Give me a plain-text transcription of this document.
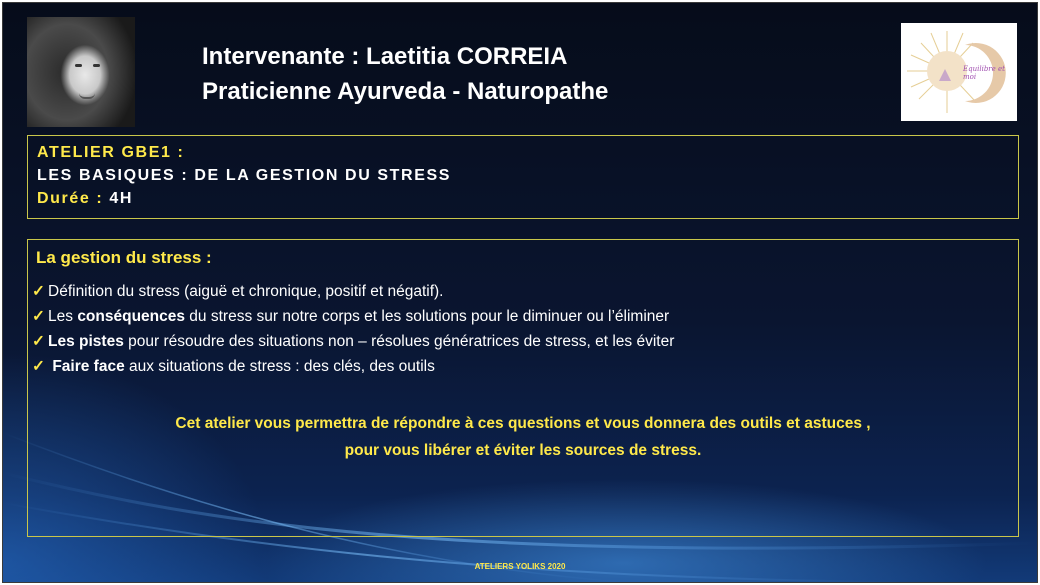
Intervenante : Laetitia CORREIA
Praticienne Ayurveda - Naturopathe
Equilibre et moi
ATELIER GBE1 :
LES BASIQUES : DE LA GESTION DU STRESS
Durée : 4H
La gestion du stress :
✓ Définition du stress (aiguë et chronique, positif et négatif).
✓ Les conséquences du stress sur notre corps et les solutions pour le diminuer ou l’éliminer
✓ Les pistes pour résoudre des situations non – résolues génératrices de stress, et les éviter
✓ Faire face aux situations de stress : des clés, des outils
Cet atelier vous permettra de répondre à ces questions et vous donnera des outils et astuces ,
pour vous libérer et éviter les sources de stress.
ATELIERS YOLIKS 2020
